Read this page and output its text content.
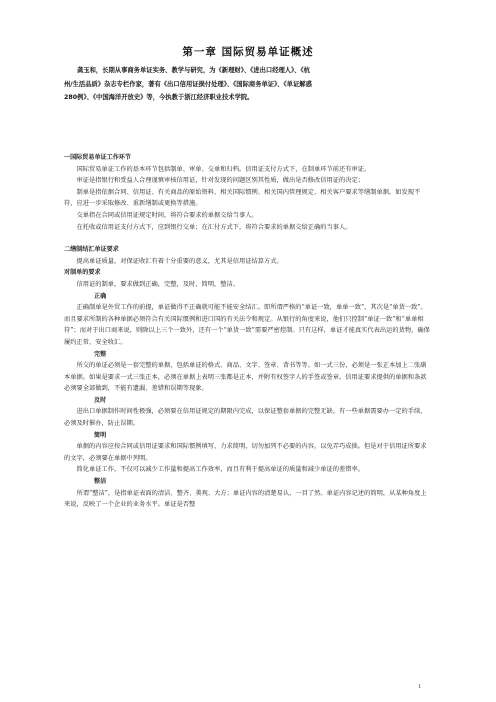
第一章 国际贸易单证概述
龚玉和，长期从事商务单证实务、教学与研究，为《新理财》、《进出口经理人》、《杭
州/生活品质》杂志专栏作家，著有《出口信用证损付处理》、《国际商务单证》、《单证解惑
280例》、《中国海洋开放史》等，今执教于浙江经济职业技术学院。
一国际贸易单证工作环节

国际贸易单证工作的基本环节包括制单、审单、交单和归档。信用证支付方式下，在制单环节前还有审证。

审证是指银行和受益人合理谨慎审核信用证，针对发现的问题区别其性质，做出是否修改信用证的决定；

制单是指依据合同、信用证、有关商品的原始资料、相关国际惯例、相关国内管理规定、相关客户要求等缮制单据。如发现不符，应进一步采取修改、重新缮制或更换等措施。

交单指在合同或信用证规定时间，将符合要求的单据交给当事人。

在托收或信用证支付方式下，应到银行交单；在汇付方式下，将符合要求的单据交给正确的当事人。

二缮制结汇单证要求

提高单证质量，对保证收汇有着十分重要的意义，尤其是信用证结算方式。

对制单的要求

信用证的制单，要求做到正确，完整，及时，简明，整洁。

正确

正确制单是外贸工作的前提，单证做得不正确就可能不能安全结汇。即所谓严格的“单证一致，单单一致”，其次是“单货一致”。而且要求所制的各种单据必须符合有关国际惯例和进口国的有关法令和规定。从银行的角度来说，他们只控制“单证一致”和“单单相符”；而对于出口商来说，则除以上三个一致外，还有一个“单货一致”需要严密控制。只有这样，单证才能真实代表出运的货物，确保履约正常，安全收汇。

完整

所交的单证必须是一套完整的单据，包括单证的格式、商品、文字、签章、背书等等。如一式三份，必须是一张正本加上二张副本单据。如果是要求一式三张正本，必须在单据上表明三张都是正本，并附有权签字人的手签或签章。信用证要求提供的单据和条款必须要全部做到，不能有遗漏、差错和误期等现象。

及时

进出口单据制作时间性极强，必须要在信用证规定的期限内完成，以保证整套单据的完整无缺。有一些单据需要办一定的手续，必须及时催办，防止误期。

简明

单据的内容应按合同或信用证要求和国际惯例填写，力求简明，切勿加列不必要的内容，以免弄巧成拙。但是对于信用证所要求的文字，必须要在单据中列明。

简化单证工作，不仅可以减少工作量和提高工作效率，而且有利于提高单证的质量和减少单证的差错率。

整洁

所谓“整洁”，是指单证表面的清洁、整齐、美观、大方；单证内容的清楚易认，一目了然。单证内容记述的简明，从某种角度上来说，反映了一个企业的业务水平。单证是否整

1
